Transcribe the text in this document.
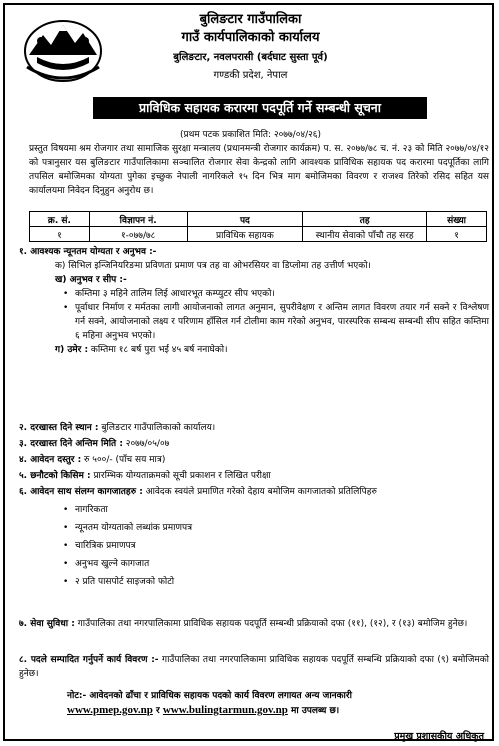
बुलिङटार गाउँपालिका
गाउँ कार्यपालिकाको कार्यालय
बुलिङटार, नवलपरासी (बर्दघाट सुस्ता पूर्व)
गण्डकी प्रदेश, नेपाल
प्राविधिक सहायक करारमा पदपूर्ति गर्ने सम्बन्धी सूचना
(प्रथम पटक प्रकाशित मिति: २०७७/०४/२६)
प्रस्तुत विषयमा श्रम रोजगार तथा सामाजिक सुरक्षा मन्त्रालय (प्रधानमन्त्री रोजगार कार्यक्रम) प. स. २०७७/७८ च. नं. २३ को मिति २०७७/०४/१२ को पत्रानुसार यस बुलिङटार गाउँपालिकामा सञ्चालित रोजगार सेवा केन्द्रको लागि आवश्यक प्राविधिक सहायक पद करारमा पदपूर्तिका लागि तपसिल बमोजिमका योग्यता पुगेका इच्छुक नेपाली नागरिकले १५ दिन भित्र माग बमोजिमका विवरण र राजश्व तिरेको रसिद सहित यस कार्यालयमा निवेदन दिनुहुन अनुरोध छ।
क्र. सं.	विज्ञापन नं.	पद	तह	संख्या
१	१-०७७/७८	प्राविधिक सहायक	स्थानीय सेवाको पाँचौ तह सरह	१
१. आवश्यक न्यूनतम योग्यता र अनुभव :-
क) सिभिल इन्जिनियरिङमा प्रविणता प्रमाण पत्र तह वा ओभरसियर वा डिप्लोमा तह उत्तीर्ण भएको।
ख) अनुभव र सीप :-
• कम्तिमा ३ महिने तालिम लिई आधारभूत कम्प्युटर सीप भएको।
• पूर्वाधार निर्माण र मर्मतका लागी आयोजनाको लागत अनुमान, सुपरीवेक्षण र अन्तिम लागत विवरण तयार गर्न सक्ने र विश्लेषण गर्न सक्ने, आयोजनाको लक्ष्य र परिणाम हाँसिल गर्न टोलीमा काम गरेको अनुभव, पारस्परिक सम्बन्ध सम्बन्धी सीप सहित कम्तिमा ६ महिना अनुभव भएको।
ग) उमेर : कम्तिमा १८ बर्ष पुरा भई ४५ बर्ष ननाघेको।
२. दरखास्त दिने स्थान : बुलिङटार गाउँपालिकाको कार्यालय।
३. दरखास्त दिने अन्तिम मिति : २०७७/०५/०७
४. आवेदन दस्तुर : रु ५००/- (पाँच सय मात्र)
५. छनौटको किसिम : प्रारम्भिक योग्यताक्रमको सूची प्रकाशन र लिखित परीक्षा
६. आवेदन साथ संलग्न कागजातहरु : आवेदक स्वयंले प्रमाणित गरेको देहाय बमोजिम कागजातको प्रतिलिपिहरु
• नागरिकता
• न्यूनतम योग्यताको लब्धांक प्रमाणपत्र
• चारित्रिक प्रमाणपत्र
• अनुभव खुल्ने कागजात
• २ प्रति पासपोर्ट साइजको फोटो
७. सेवा सुविधा : गाउँपालिका तथा नगरपालिकामा प्राविधिक सहायक पदपूर्ति सम्बन्धी प्रक्रियाको दफा (११), (१२), र (१३) बमोजिम हुनेछ।
८. पदले सम्पादित गर्नुपर्ने कार्य विवरण :- गाउँपालिका तथा नगरपालिकामा प्राविधिक सहायक पदपूर्ति सम्बन्धि प्रक्रियाको दफा (९) बमोजिमको हुनेछ।
नोट:- आवेदनको ढाँचा र प्राविधिक सहायक पदको कार्य विवरण लगायत अन्य जानकारी
www.pmep.gov.np र www.bulingtarmun.gov.np मा उपलब्ध छ।
प्रमुख प्रशासकीय अधिकृत
